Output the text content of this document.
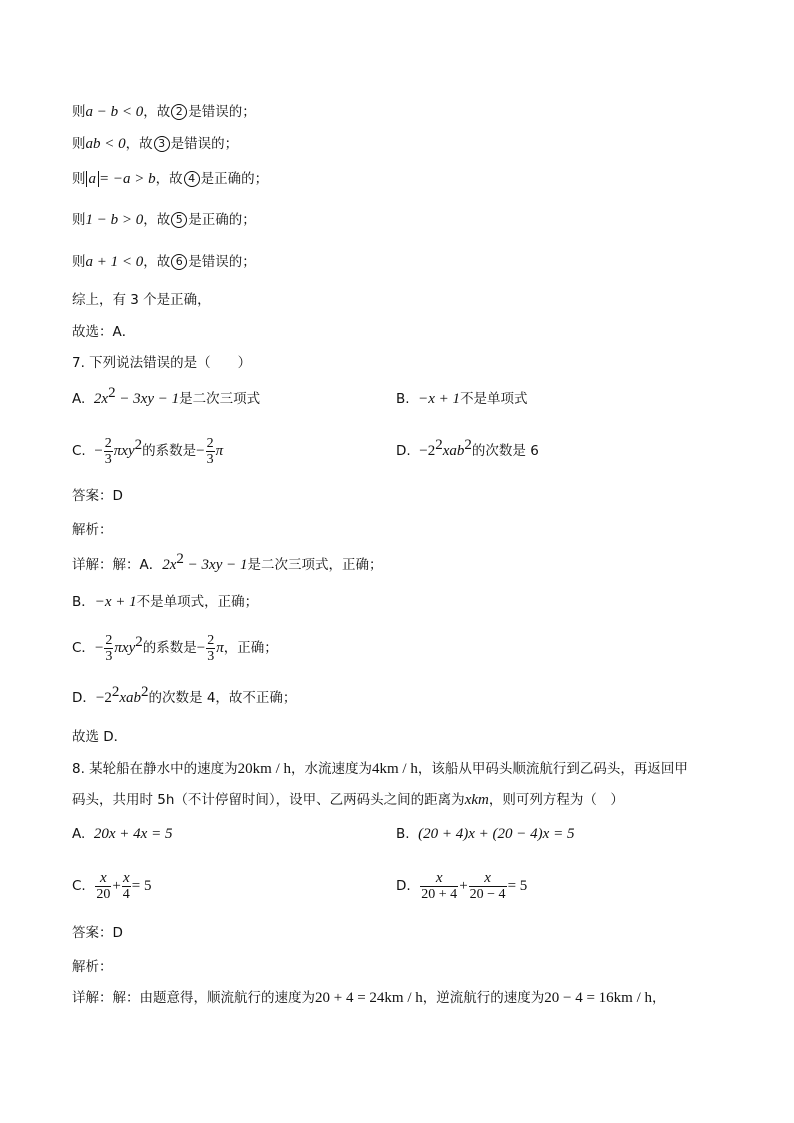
则a − b < 0，故 2 是错误的；
则ab < 0，故 3 是错误的；
则 a = −a > b，故 4 是正确的；
则1 − b > 0，故 5 是正确的；
则a + 1 < 0，故 6 是错误的；
综上，有 3 个是正确，
故选：A．
7. 下列说法错误的是（　　）
A. $2x^2 - 3xy - 1$是二次三项式	B. −x + 1不是单项式
C. − $\frac{2}{3} \pi xy^2$的系数是− $\frac{2}{3}$ π	D. $-2^2xab^2$的次数是 6
答案：D
解析：
详解：解：A．$2x^2 - 3xy - 1$是二次三项式，正确；
B．−x + 1不是单项式，正确；
C．− $\frac{2}{3} \pi xy^2$的系数是− $\frac{2}{3}$ π，正确；
D．$-2^2xab^2$的次数是 4，故不正确；
故选 D．
8. 某轮船在静水中的速度为20km / h，水流速度为4km / h，该船从甲码头顺流航行到乙码头，再返回甲
码头，共用时 5h（不计停留时间），设甲、乙两码头之间的距离为xkm，则可列方程为（　）
A. 20x + 4x = 5	B. (20 + 4)x + (20 − 4)x = 5
C. $\frac{x}{20} + \frac{x}{4} = 5$	D. $\frac{x}{20 + 4} + \frac{x}{20 - 4} = 5$
答案：D
解析：
详解：解：由题意得，顺流航行的速度为20 + 4 = 24km / h，逆流航行的速度为20 − 4 = 16km / h，
